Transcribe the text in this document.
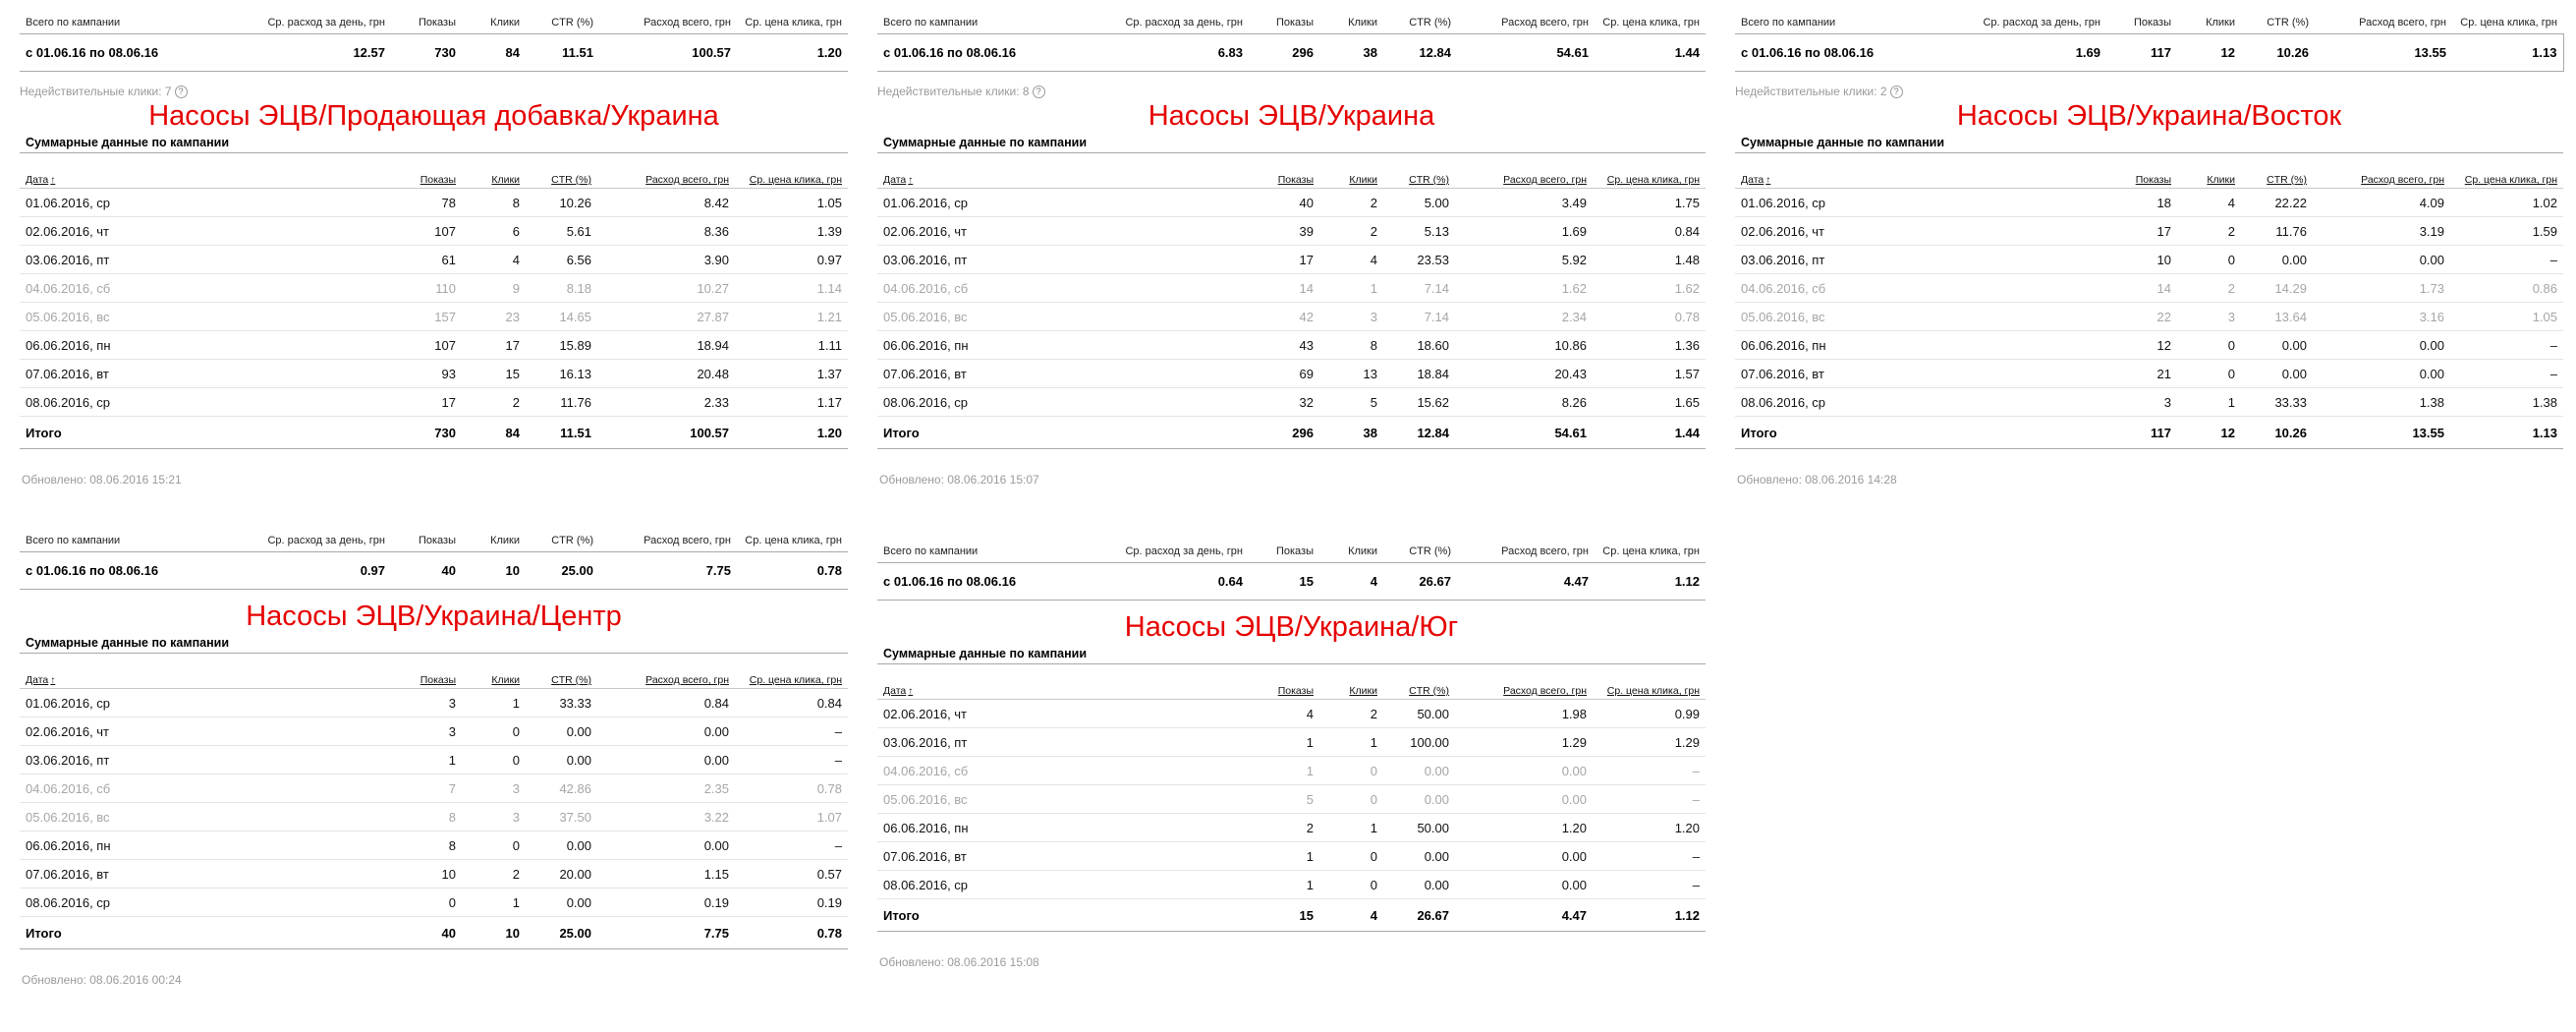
Всего по кампании	Ср. расход за день, грн	Показы	Клики	CTR (%)	Расход всего, грн	Ср. цена клика, грн
с 01.06.16 по 08.06.16	12.57	730	84	11.51	100.57	1.20
Недействительные клики: 7 ?
Насосы ЭЦВ/Продающая добавка/Украина
Суммарные данные по кампании
Дата ↑	Показы	Клики	CTR (%)	Расход всего, грн	Ср. цена клика, грн
01.06.2016, ср	78	8	10.26	8.42	1.05
02.06.2016, чт	107	6	5.61	8.36	1.39
03.06.2016, пт	61	4	6.56	3.90	0.97
04.06.2016, сб	110	9	8.18	10.27	1.14
05.06.2016, вс	157	23	14.65	27.87	1.21
06.06.2016, пн	107	17	15.89	18.94	1.11
07.06.2016, вт	93	15	16.13	20.48	1.37
08.06.2016, ср	17	2	11.76	2.33	1.17
Итого	730	84	11.51	100.57	1.20
Обновлено: 08.06.2016 15:21
Всего по кампании	Ср. расход за день, грн	Показы	Клики	CTR (%)	Расход всего, грн	Ср. цена клика, грн
с 01.06.16 по 08.06.16	6.83	296	38	12.84	54.61	1.44
Недействительные клики: 8 ?
Насосы ЭЦВ/Украина
Суммарные данные по кампании
Дата ↑	Показы	Клики	CTR (%)	Расход всего, грн	Ср. цена клика, грн
01.06.2016, ср	40	2	5.00	3.49	1.75
02.06.2016, чт	39	2	5.13	1.69	0.84
03.06.2016, пт	17	4	23.53	5.92	1.48
04.06.2016, сб	14	1	7.14	1.62	1.62
05.06.2016, вс	42	3	7.14	2.34	0.78
06.06.2016, пн	43	8	18.60	10.86	1.36
07.06.2016, вт	69	13	18.84	20.43	1.57
08.06.2016, ср	32	5	15.62	8.26	1.65
Итого	296	38	12.84	54.61	1.44
Обновлено: 08.06.2016 15:07
Всего по кампании	Ср. расход за день, грн	Показы	Клики	CTR (%)	Расход всего, грн	Ср. цена клика, грн
с 01.06.16 по 08.06.16	1.69	117	12	10.26	13.55	1.13
Недействительные клики: 2 ?
Насосы ЭЦВ/Украина/Восток
Суммарные данные по кампании
Дата ↑	Показы	Клики	CTR (%)	Расход всего, грн	Ср. цена клика, грн
01.06.2016, ср	18	4	22.22	4.09	1.02
02.06.2016, чт	17	2	11.76	3.19	1.59
03.06.2016, пт	10	0	0.00	0.00	–
04.06.2016, сб	14	2	14.29	1.73	0.86
05.06.2016, вс	22	3	13.64	3.16	1.05
06.06.2016, пн	12	0	0.00	0.00	–
07.06.2016, вт	21	0	0.00	0.00	–
08.06.2016, ср	3	1	33.33	1.38	1.38
Итого	117	12	10.26	13.55	1.13
Обновлено: 08.06.2016 14:28
Всего по кампании	Ср. расход за день, грн	Показы	Клики	CTR (%)	Расход всего, грн	Ср. цена клика, грн
с 01.06.16 по 08.06.16	0.97	40	10	25.00	7.75	0.78
Насосы ЭЦВ/Украина/Центр
Суммарные данные по кампании
Дата ↑	Показы	Клики	CTR (%)	Расход всего, грн	Ср. цена клика, грн
01.06.2016, ср	3	1	33.33	0.84	0.84
02.06.2016, чт	3	0	0.00	0.00	–
03.06.2016, пт	1	0	0.00	0.00	–
04.06.2016, сб	7	3	42.86	2.35	0.78
05.06.2016, вс	8	3	37.50	3.22	1.07
06.06.2016, пн	8	0	0.00	0.00	–
07.06.2016, вт	10	2	20.00	1.15	0.57
08.06.2016, ср	0	1	0.00	0.19	0.19
Итого	40	10	25.00	7.75	0.78
Обновлено: 08.06.2016 00:24
Всего по кампании	Ср. расход за день, грн	Показы	Клики	CTR (%)	Расход всего, грн	Ср. цена клика, грн
с 01.06.16 по 08.06.16	0.64	15	4	26.67	4.47	1.12
Насосы ЭЦВ/Украина/Юг
Суммарные данные по кампании
Дата ↑	Показы	Клики	CTR (%)	Расход всего, грн	Ср. цена клика, грн
02.06.2016, чт	4	2	50.00	1.98	0.99
03.06.2016, пт	1	1	100.00	1.29	1.29
04.06.2016, сб	1	0	0.00	0.00	–
05.06.2016, вс	5	0	0.00	0.00	–
06.06.2016, пн	2	1	50.00	1.20	1.20
07.06.2016, вт	1	0	0.00	0.00	–
08.06.2016, ср	1	0	0.00	0.00	–
Итого	15	4	26.67	4.47	1.12
Обновлено: 08.06.2016 15:08
